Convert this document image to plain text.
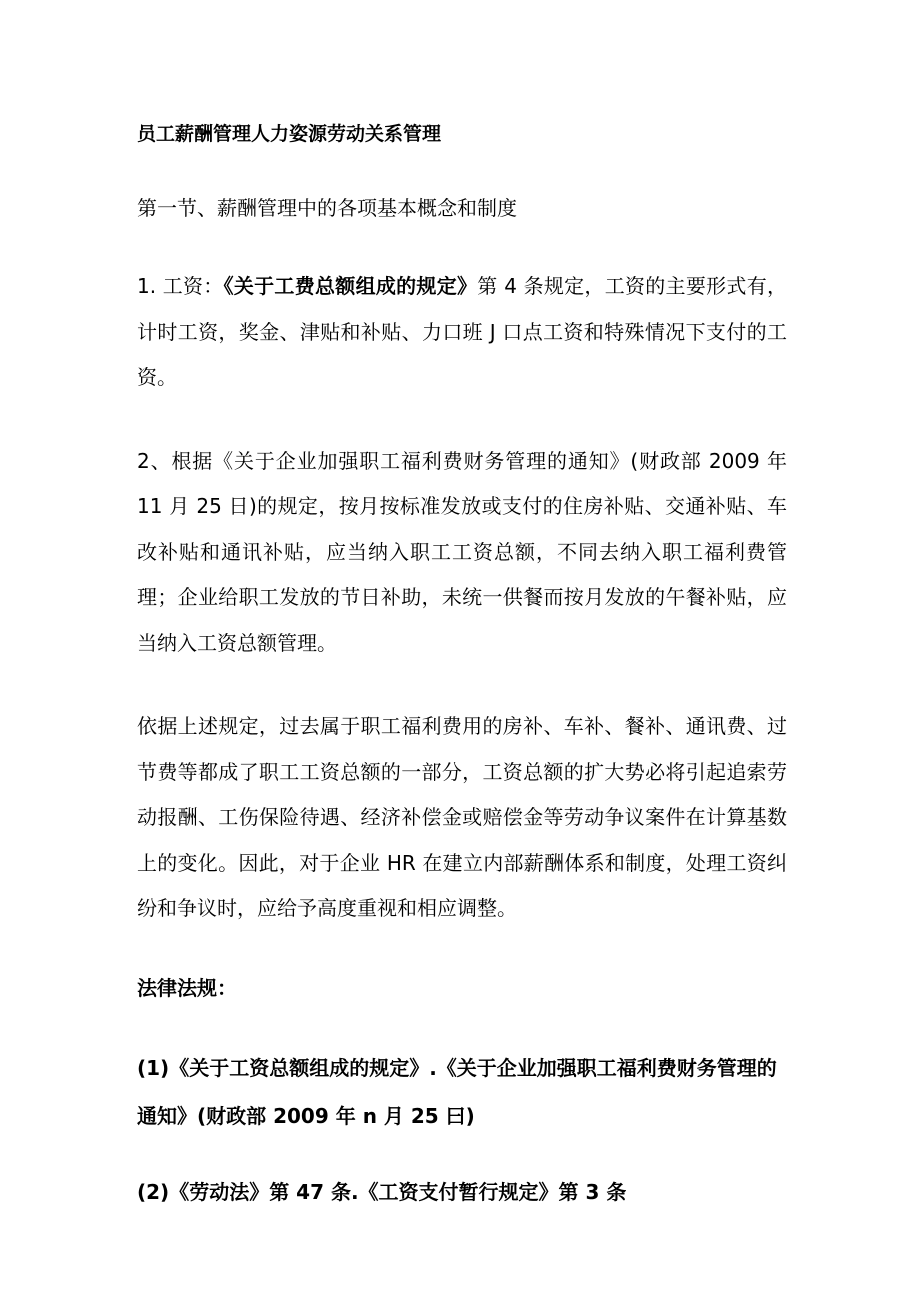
员工薪酬管理人力姿源劳动关系管理
第一节、薪酬管理中的各项基本概念和制度
1. 工资：《关于工费总额组成的规定》第 4 条规定，工资的主要形式有，计时工资，奖金、津贴和补贴、力口班 J 口点工资和特殊情况下支付的工资。
2、根据《关于企业加强职工福利费财务管理的通知》(财政部 2009 年 11 月 25 日)的规定，按月按标准发放或支付的住房补贴、交通补贴、车改补贴和通讯补贴，应当纳入职工工资总额，不同去纳入职工福利费管理；企业给职工发放的节日补助，未统一供餐而按月发放的午餐补贴，应当纳入工资总额管理。
依据上述规定，过去属于职工福利费用的房补、车补、餐补、通讯费、过节费等都成了职工工资总额的一部分，工资总额的扩大势必将引起追索劳动报酬、工伤保险待遇、经济补偿金或赔偿金等劳动争议案件在计算基数上的变化。因此，对于企业 HR 在建立内部薪酬体系和制度，处理工资纠纷和争议时，应给予高度重视和相应调整。
法律法规：
(1)《关于工资总额组成的规定》.《关于企业加强职工福利费财务管理的通知》(财政部 2009 年 n 月 25 曰)
(2)《劳动法》第 47 条.《工资支付暂行规定》第 3 条
